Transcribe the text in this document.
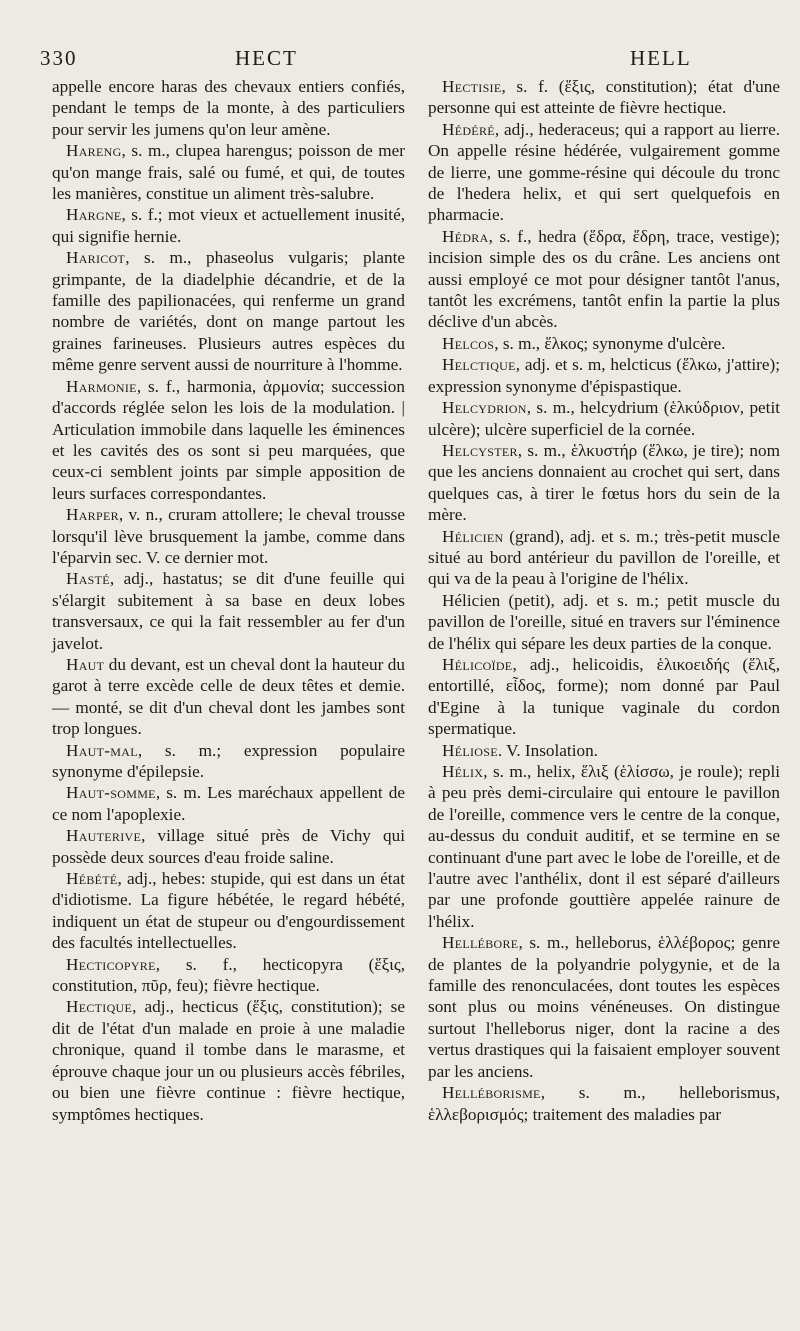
330	HECT	HELL

appelle encore haras des chevaux entiers confiés, pendant le temps de la monte, à des particuliers pour servir les jumens qu'on leur amène.

Hareng, s. m., clupea harengus; poisson de mer qu'on mange frais, salé ou fumé, et qui, de toutes les manières, constitue un aliment très-salubre.

Hargne, s. f.; mot vieux et actuellement inusité, qui signifie hernie.

Haricot, s. m., phaseolus vulgaris; plante grimpante, de la diadelphie décandrie, et de la famille des papilionacées, qui renferme un grand nombre de variétés, dont on mange partout les graines farineuses. Plusieurs autres espèces du même genre servent aussi de nourriture à l'homme.

Harmonie, s. f., harmonia, ἁρμονία; succession d'accords réglée selon les lois de la modulation. | Articulation immobile dans laquelle les éminences et les cavités des os sont si peu marquées, que ceux-ci semblent joints par simple apposition de leurs surfaces correspondantes.

Harper, v. n., cruram attollere; le cheval trousse lorsqu'il lève brusquement la jambe, comme dans l'éparvin sec. V. ce dernier mot.

Hasté, adj., hastatus; se dit d'une feuille qui s'élargit subitement à sa base en deux lobes transversaux, ce qui la fait ressembler au fer d'un javelot.

Haut du devant, est un cheval dont la hauteur du garot à terre excède celle de deux têtes et demie. — monté, se dit d'un cheval dont les jambes sont trop longues.

Haut-mal, s. m.; expression populaire synonyme d'épilepsie.

Haut-somme, s. m. Les maréchaux appellent de ce nom l'apoplexie.

Hauterive, village situé près de Vichy qui possède deux sources d'eau froide saline.

Hébété, adj., hebes: stupide, qui est dans un état d'idiotisme. La figure hébétée, le regard hébété, indiquent un état de stupeur ou d'engourdissement des facultés intellectuelles.

Hecticopyre, s. f., hecticopyra (ἕξις, constitution, πῦρ, feu); fièvre hectique.

Hectique, adj., hecticus (ἕξις, constitution); se dit de l'état d'un malade en proie à une maladie chronique, quand il tombe dans le marasme, et éprouve chaque jour un ou plusieurs accès fébriles, ou bien une fièvre continue : fièvre hectique, symptômes hectiques.

Hectisie, s. f. (ἕξις, constitution); état d'une personne qui est atteinte de fièvre hectique.

Hédéré, adj., hederaceus; qui a rapport au lierre. On appelle résine hédérée, vulgairement gomme de lierre, une gomme-résine qui découle du tronc de l'hedera helix, et qui sert quelquefois en pharmacie.

Hédra, s. f., hedra (ἕδρα, ἕδρη, trace, vestige); incision simple des os du crâne. Les anciens ont aussi employé ce mot pour désigner tantôt l'anus, tantôt les excrémens, tantôt enfin la partie la plus déclive d'un abcès.

Helcos, s. m., ἕλκος; synonyme d'ulcère.

Helctique, adj. et s. m, helcticus (ἕλκω, j'attire); expression synonyme d'épispastique.

Helcydrion, s. m., helcydrium (ἑλκύδριον, petit ulcère); ulcère superficiel de la cornée.

Helcyster, s. m., ἑλκυστήρ (ἕλκω, je tire); nom que les anciens donnaient au crochet qui sert, dans quelques cas, à tirer le fœtus hors du sein de la mère.

Hélicien (grand), adj. et s. m.; très-petit muscle situé au bord antérieur du pavillon de l'oreille, et qui va de la peau à l'origine de l'hélix.

Hélicien (petit), adj. et s. m.; petit muscle du pavillon de l'oreille, situé en travers sur l'éminence de l'hélix qui sépare les deux parties de la conque.

Hélicoïde, adj., helicoidis, ἑλικοειδής (ἕλιξ, entortillé, εἶδος, forme); nom donné par Paul d'Egine à la tunique vaginale du cordon spermatique.

Héliose. V. Insolation.

Hélix, s. m., helix, ἕλιξ (ἑλίσσω, je roule); repli à peu près demi-circulaire qui entoure le pavillon de l'oreille, commence vers le centre de la conque, au-dessus du conduit auditif, et se termine en se continuant d'une part avec le lobe de l'oreille, et de l'autre avec l'anthélix, dont il est séparé d'ailleurs par une profonde gouttière appelée rainure de l'hélix.

Hellébore, s. m., helleborus, ἑλλέβορος; genre de plantes de la polyandrie polygynie, et de la famille des renonculacées, dont toutes les espèces sont plus ou moins vénéneuses. On distingue surtout l'helleborus niger, dont la racine a des vertus drastiques qui la faisaient employer souvent par les anciens.

Helléborisme, s. m., helleborismus, ἑλλεβορισμός; traitement des maladies par
